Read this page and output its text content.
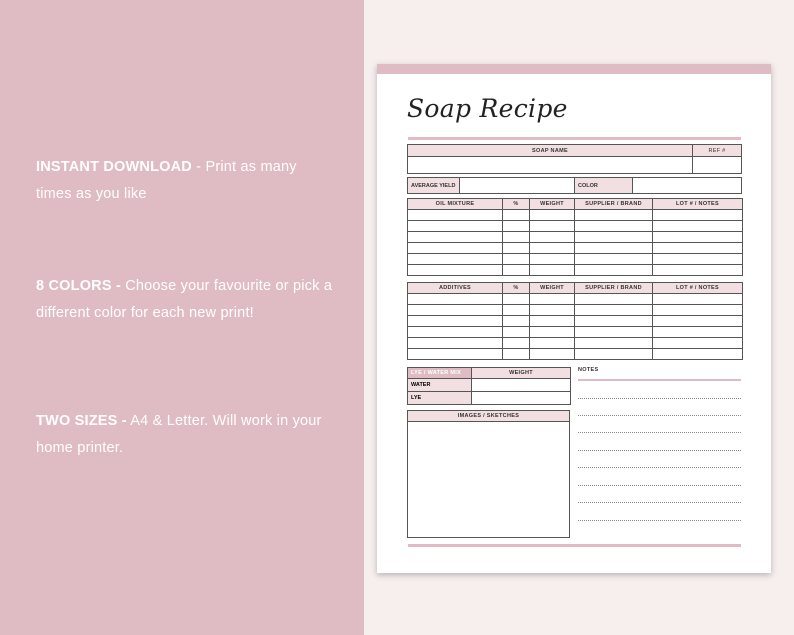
INSTANT DOWNLOAD - Print as many times as you like
8 COLORS - Choose your favourite or pick a different color for each new print!
TWO SIZES - A4 & Letter. Will work in your home printer.
Soap Recipe
SOAP NAME	REF #
AVERAGE YIELD	COLOR
OIL MIXTURE	%	WEIGHT	SUPPLIER / BRAND	LOT # / NOTES

ADDITIVES	%	WEIGHT	SUPPLIER / BRAND	LOT # / NOTES

LYE / WATER MIX	WEIGHT
WATER	
LYE	
IMAGES / SKETCHES
NOTES
